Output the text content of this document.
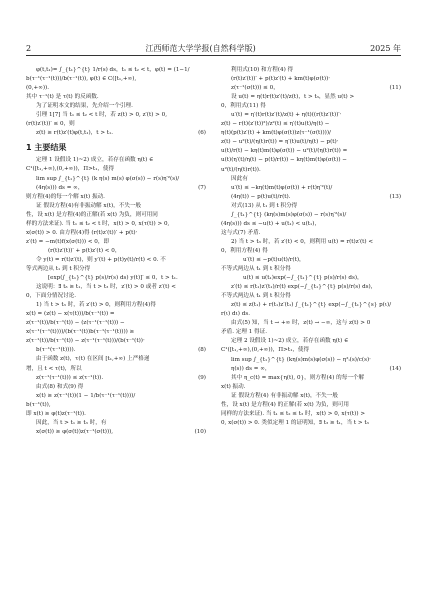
2	江西师范大学学报(自然科学版)	2025 年

φ(t,t₁)= ∫_{t₁}^{t} 1/r(s) ds，t₁ ≤ t₂ < t，φ(t) = (1−1/

b(τ⁻¹(τ⁻¹(t)))/b(τ⁻¹(t)), φ(t) ∈ C([t₁,+∞),

(0,+∞)).

其中 τ⁻¹(t) 是 τ(t) 的反函数.

为了证明本文的结果，先介绍一个引理.

引理 1[7] 当 t₁ ≤ t₂ < t 时，若 z(t) > 0, z′(t) > 0,

(r(t)z′(t))′ ≤ 0，则

z(t) ≥ r(t)z′(t)φ(t,t₁)，t > t₁.	(6)
1 主要结果

定理 1 设假设 1)~2) 成立，若存在函数 η(t) ∈

C¹([t₁,+∞),(0,+∞))，Π>t₁，使得

lim sup ∫_{t₁}^{t} (k η(s) m(s) φ(σ(s)) − r(s)η′²(s)/

(4η(s))) ds = ∞，	(7)

则方程(4)的每一个解 x(t) 振动.

证 假设方程(4)有非振动解 x(t)，不失一般

性，设 x(t) 是方程(4)的正解(若 x(t) 为负，则可用同

样的方法来证). 当 t₁ ≤ t₂ < t 时，x(t) > 0, x(τ(t)) > 0,

x(σ(t)) > 0. 由方程(4)得 (r(t)z′(t))′ + p(t)·

z′(t) = −m(t)f(x(σ(t))) < 0，即

(r(t)z′(t))′ + p(t)z′(t) < 0，

令 y(t) = r(t)z′(t)，则 y′(t) + p(t)y(t)/r(t) < 0. 不

等式两边从 t₁ 到 t 积分得

[exp(∫_{t₁}^{t} p(s)/r(s) ds) y(t)]′ ≤ 0，t > t₁.

这说明：∃ t₃ ≥ t₁，当 t > t₃ 时，z′(t) > 0 或者 z′(t) <

0，下面分情况讨论.

1) 当 t > t₃ 时，若 z′(t) > 0，则利用方程(4)得

x(t) = (z(t) − x(τ(t)))/b(τ⁻¹(t)) =

z(τ⁻¹(t))/b(τ⁻¹(t)) − (z(τ⁻¹(τ⁻¹(t))) −

x(τ⁻¹(τ⁻¹(t))))/(b(τ⁻¹(t))b(τ⁻¹(τ⁻¹(t)))) ≥

z(τ⁻¹(t))/b(τ⁻¹(t)) − z(τ⁻¹(τ⁻¹(t)))/(b(τ⁻¹(t))·

b(τ⁻¹(τ⁻¹(t)))).	(8)

由于函数 z(t)，τ(t) 在区间 [t₁,+∞) 上严格递

增，且 t < τ(t)，所以

z(τ⁻¹(τ⁻¹(t))) ≤ z(τ⁻¹(t)).	(9)

由式(8) 和式(9) 得

x(t) ≥ z(τ⁻¹(t))(1 − 1/b(τ⁻¹(τ⁻¹(t))))/

b(τ⁻¹(t)),

即 x(t) ≥ φ(t)z(τ⁻¹(t)).

因此，当 t > t₁ ≥ t₃ 时，有

x(σ(t)) ≥ φ(σ(t))z(τ⁻¹(σ(t))),	(10)

利用式(10) 和方程(4) 得

(r(t)z′(t))′ + p(t)z′(t) + km(t)φ(σ(t))·

z(τ⁻¹(σ(t))) ≤ 0，	(11)

设 u(t) = η(t)r(t)z′(t)/z(t)，t > t₃，显然 u(t) >

0，利用式(11) 得

u′(t) = η′(t)r(t)z′(t)/z(t) + η(t)((r(t)z′(t))′·

z(t) − r(t)(z′(t))²)/z²(t) ≤ η′(t)u(t)/η(t) −

η(t)(p(t)z′(t) + km(t)φ(σ(t))z(τ⁻¹(σ(t))))/

z(t) − u²(t)/(η(t)r(t)) = η′(t)u(t)/η(t) − p(t)·

u(t)/r(t) − kη(t)m(t)φ(σ(t)) − u²(t)/(η(t)r(t)) =

u(t)(η′(t)/η(t) − p(t)/r(t)) − kη(t)m(t)φ(σ(t)) −

u²(t)/(η(t)r(t)).

因此有

u′(t) ≤ −kη(t)m(t)φ(σ(t)) + r(t)η′²(t)/

(4η(t)) − p(t)u(t)/r(t).	(13)

对式(13) 从 t₁ 到 t 积分得

∫_{t₁}^{t} (kη(s)m(s)φ(σ(s)) − r(s)η′²(s)/

(4η(s))) ds ≤ −u(t) + u(t₁) < u(t₁)，

这与式(7) 矛盾.

2) 当 t > t₃ 时，若 z′(t) < 0，则利用 u(t) = r(t)z′(t) <

0，利用方程(4) 得

u′(t) ≤ −p(t)u(t)/r(t)，

不等式两边从 t₁ 到 t 积分得

u(t) ≤ u(t₁)exp(−∫_{t₁}^{t} p(s)/r(s) ds)，

z′(t) ≤ r(t₁)z′(t₁)/r(t) exp(−∫_{t₁}^{t} p(s)/r(s) ds)，

不等式两边从 t₁ 到 t 积分得

z(t) ≤ z(t₁) + r(t₁)z′(t₁) ∫_{t₁}^{t} exp(−∫_{t₁}^{s} p(ι)/

r(ι) dι) ds.

由式(5) 知，当 t → +∞ 时，z(t) → −∞，这与 z(t) > 0

矛盾. 定理 1 得证.

定理 2 设假设 1)~2) 成立，若存在函数 η(t) ∈

C¹([t₁,+∞),(0,+∞))，Π>t₁，使得

lim sup ∫_{t₁}^{t} (kη(s)m(s)φ(σ(s)) − η²ᵢ(s)/c(s)·

η(s)) ds = ∞，	(14)

其中 η_c(t) = max{η(t), 0}，则方程(4) 的每一个解

x(t) 振动.

证 假设方程(4) 有非振动解 x(t)，不失一般

性，设 x(t) 是方程(4) 的正解(若 x(t) 为负，则可用

同样的方法来证). 当 t₁ ≤ t₂ ≤ t₃ 时，x(t) > 0, x(τ(t)) >

0, x(σ(t)) > 0. 类似定理 1 的证明知，∃ t₃ ≥ t₁，当 t > t₃
